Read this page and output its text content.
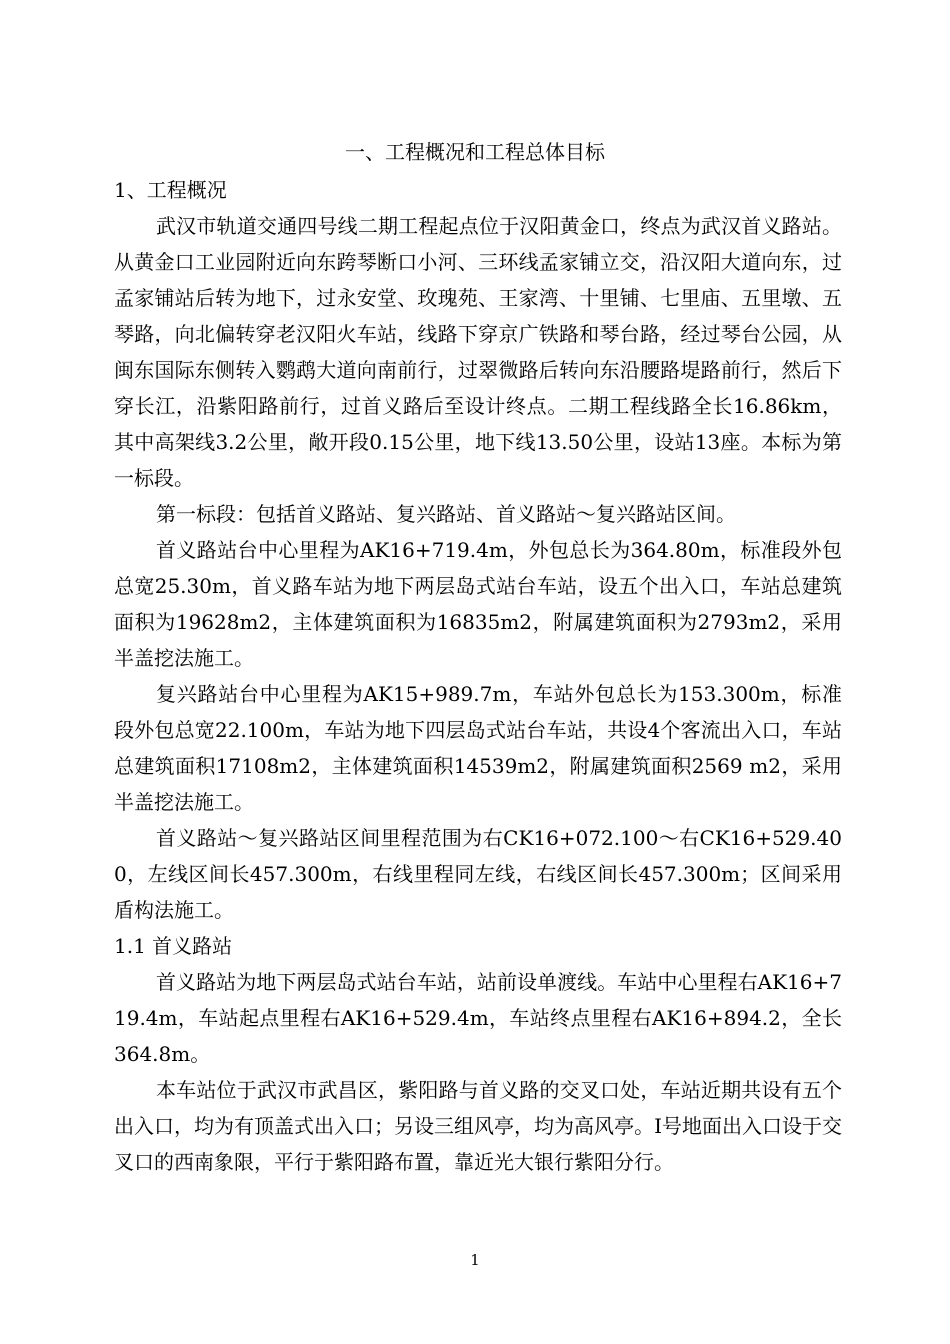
一、工程概况和工程总体目标

1、工程概况

武汉市轨道交通四号线二期工程起点位于汉阳黄金口，终点为武汉首义路站。从黄金口工业园附近向东跨琴断口小河、三环线孟家铺立交，沿汉阳大道向东，过孟家铺站后转为地下，过永安堂、玫瑰苑、王家湾、十里铺、七里庙、五里墩、五琴路，向北偏转穿老汉阳火车站，线路下穿京广铁路和琴台路，经过琴台公园，从闽东国际东侧转入鹦鹉大道向南前行，过翠微路后转向东沿腰路堤路前行，然后下穿长江，沿紫阳路前行，过首义路后至设计终点。二期工程线路全长16.86km，其中高架线3.2公里，敞开段0.15公里，地下线13.50公里，设站13座。本标为第一标段。

第一标段：包括首义路站、复兴路站、首义路站～复兴路站区间。

首义路站台中心里程为AK16+719.4m，外包总长为364.80m，标准段外包总宽25.30m，首义路车站为地下两层岛式站台车站，设五个出入口，车站总建筑面积为19628m2，主体建筑面积为16835m2，附属建筑面积为2793m2，采用半盖挖法施工。

复兴路站台中心里程为AK15+989.7m，车站外包总长为153.300m，标准段外包总宽22.100m，车站为地下四层岛式站台车站，共设4个客流出入口，车站总建筑面积17108m2，主体建筑面积14539m2，附属建筑面积2569 m2，采用半盖挖法施工。

首义路站～复兴路站区间里程范围为右CK16+072.100～右CK16+529.400，左线区间长457.300m，右线里程同左线，右线区间长457.300m；区间采用盾构法施工。

1.1 首义路站

首义路站为地下两层岛式站台车站，站前设单渡线。车站中心里程右AK16+719.4m，车站起点里程右AK16+529.4m，车站终点里程右AK16+894.2，全长364.8m。

本车站位于武汉市武昌区，紫阳路与首义路的交叉口处，车站近期共设有五个出入口，均为有顶盖式出入口；另设三组风亭，均为高风亭。Ⅰ号地面出入口设于交叉口的西南象限，平行于紫阳路布置，靠近光大银行紫阳分行。

1
